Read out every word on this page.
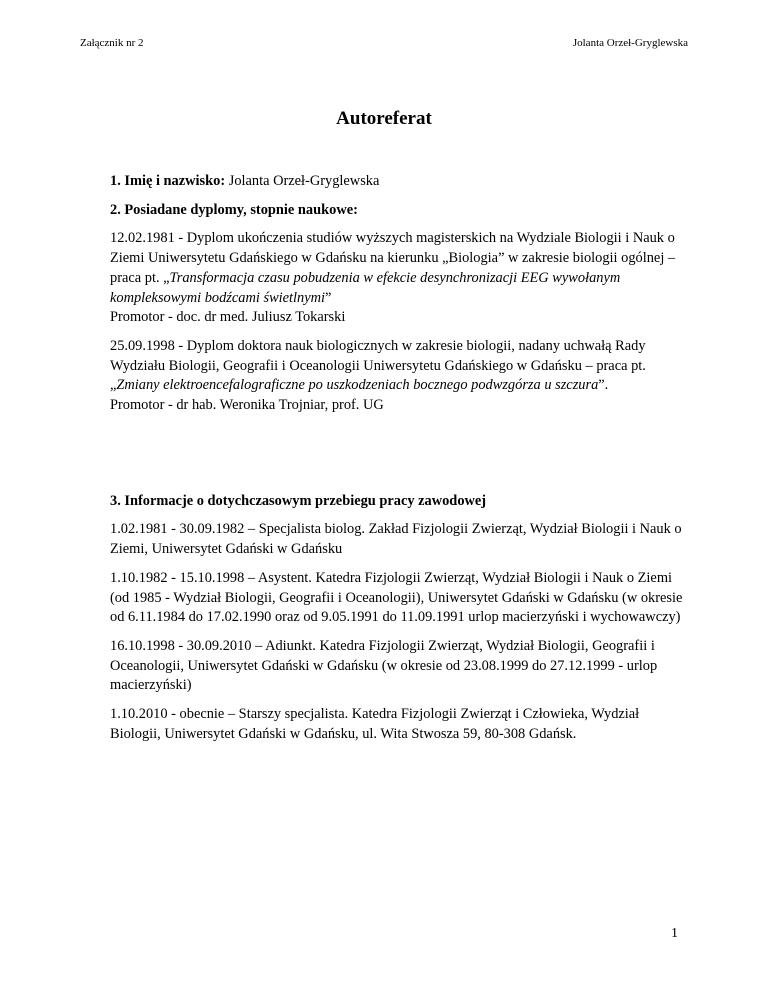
Załącznik nr 2	Jolanta Orzeł-Gryglewska
Autoreferat

1. Imię i nazwisko: Jolanta Orzeł-Gryglewska

2. Posiadane dyplomy, stopnie naukowe:

12.02.1981 - Dyplom ukończenia studiów wyższych magisterskich na Wydziale Biologii i Nauk o Ziemi Uniwersytetu Gdańskiego w Gdańsku na kierunku „Biologia” w zakresie biologii ogólnej – praca pt. „Transformacja czasu pobudzenia w efekcie desynchronizacji EEG wywołanym kompleksowymi bodźcami świetlnymi”
Promotor - doc. dr med. Juliusz Tokarski

25.09.1998 - Dyplom doktora nauk biologicznych w zakresie biologii, nadany uchwałą Rady Wydziału Biologii, Geografii i Oceanologii Uniwersytetu Gdańskiego w Gdańsku – praca pt. „Zmiany elektroencefalograficzne po uszkodzeniach bocznego podwzgórza u szczura”.
Promotor - dr hab. Weronika Trojniar, prof. UG

3. Informacje o dotychczasowym przebiegu pracy zawodowej

1.02.1981 - 30.09.1982 – Specjalista biolog. Zakład Fizjologii Zwierząt, Wydział Biologii i Nauk o Ziemi, Uniwersytet Gdański w Gdańsku

1.10.1982 - 15.10.1998 – Asystent. Katedra Fizjologii Zwierząt, Wydział Biologii i Nauk o Ziemi (od 1985 - Wydział Biologii, Geografii i Oceanologii), Uniwersytet Gdański w Gdańsku (w okresie od 6.11.1984 do 17.02.1990 oraz od 9.05.1991 do 11.09.1991 urlop macierzyński i wychowawczy)

16.10.1998 - 30.09.2010 – Adiunkt. Katedra Fizjologii Zwierząt, Wydział Biologii, Geografii i Oceanologii, Uniwersytet Gdański w Gdańsku (w okresie od 23.08.1999 do 27.12.1999 - urlop macierzyński)

1.10.2010 - obecnie – Starszy specjalista. Katedra Fizjologii Zwierząt i Człowieka, Wydział Biologii, Uniwersytet Gdański w Gdańsku, ul. Wita Stwosza 59, 80-308 Gdańsk.

1
